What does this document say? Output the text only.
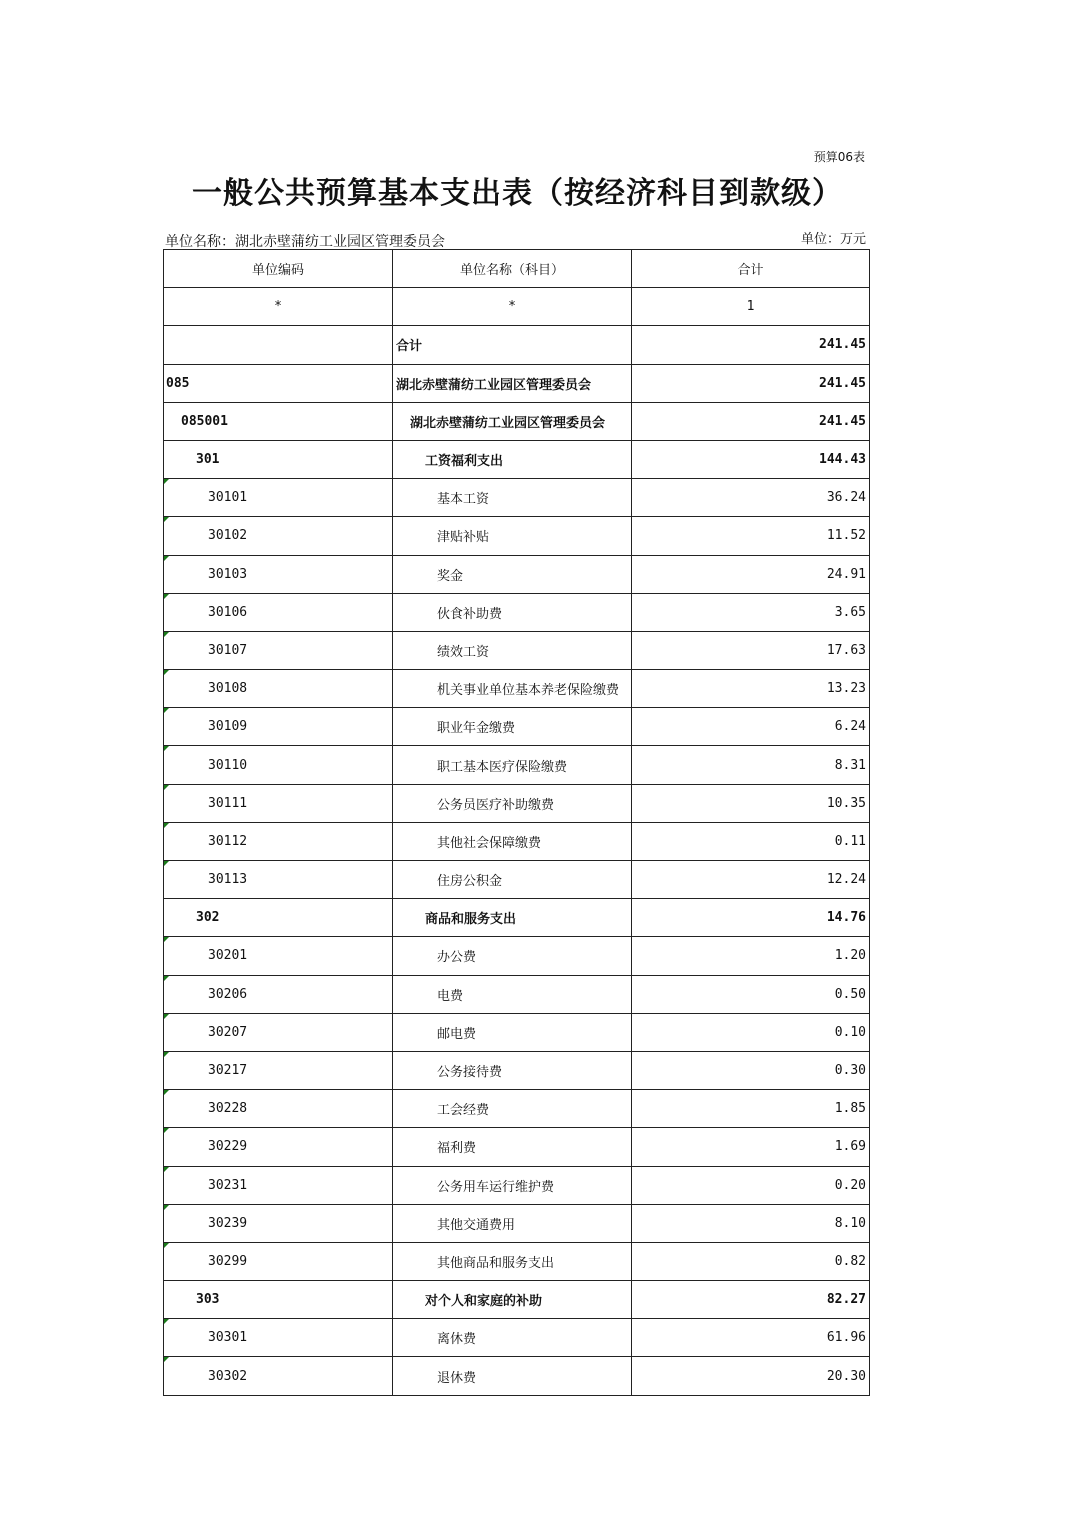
预算06表
一般公共预算基本支出表（按经济科目到款级）
单位名称：湖北赤壁蒲纺工业园区管理委员会	单位：万元
单位编码	单位名称（科目）	合计
*	*	1
	合计	241.45
085	湖北赤壁蒲纺工业园区管理委员会	241.45
085001	湖北赤壁蒲纺工业园区管理委员会	241.45
301	工资福利支出	144.43
30101	基本工资	36.24
30102	津贴补贴	11.52
30103	奖金	24.91
30106	伙食补助费	3.65
30107	绩效工资	17.63
30108	机关事业单位基本养老保险缴费	13.23
30109	职业年金缴费	6.24
30110	职工基本医疗保险缴费	8.31
30111	公务员医疗补助缴费	10.35
30112	其他社会保障缴费	0.11
30113	住房公积金	12.24
302	商品和服务支出	14.76
30201	办公费	1.20
30206	电费	0.50
30207	邮电费	0.10
30217	公务接待费	0.30
30228	工会经费	1.85
30229	福利费	1.69
30231	公务用车运行维护费	0.20
30239	其他交通费用	8.10
30299	其他商品和服务支出	0.82
303	对个人和家庭的补助	82.27
30301	离休费	61.96
30302	退休费	20.30
